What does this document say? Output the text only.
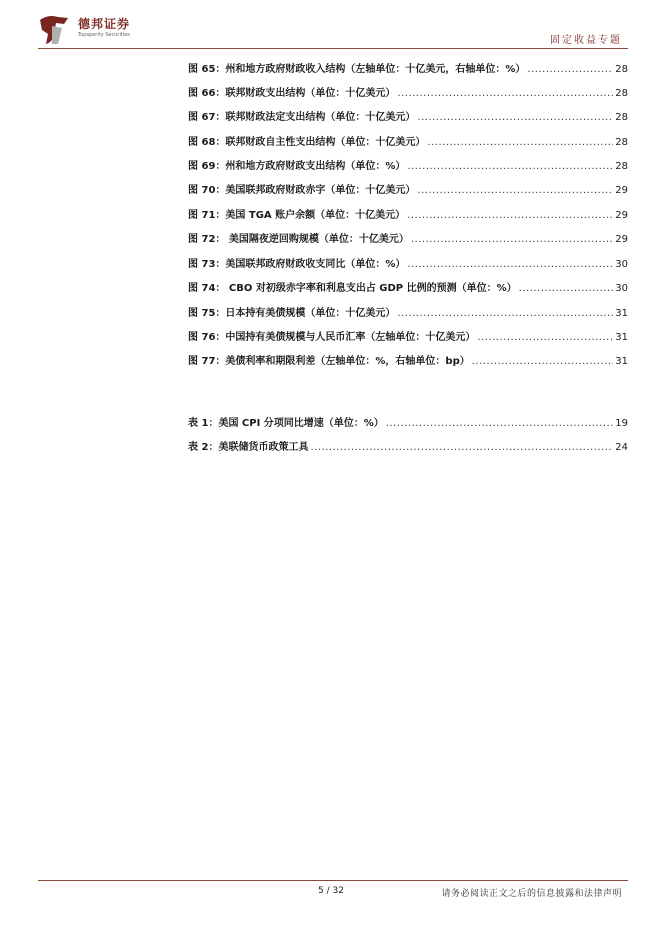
德邦证券
Topsperity Securities	固定收益专题
图 65：州和地方政府财政收入结构（左轴单位：十亿美元，右轴单位：%） .....	28
图 66：联邦财政支出结构（单位：十亿美元） .....	28
图 67：联邦财政法定支出结构（单位：十亿美元） .....	28
图 68：联邦财政自主性支出结构（单位：十亿美元） .....	28
图 69：州和地方政府财政支出结构（单位：%） .....	28
图 70：美国联邦政府财政赤字（单位：十亿美元） .....	29
图 71：美国 TGA 账户余额（单位：十亿美元） .....	29
图 72： 美国隔夜逆回购规模（单位：十亿美元） .....	29
图 73：美国联邦政府财政收支同比（单位：%） .....	30
图 74： CBO 对初级赤字率和利息支出占 GDP 比例的预测（单位：%） .....	30
图 75：日本持有美债规模（单位：十亿美元） .....	31
图 76：中国持有美债规模与人民币汇率（左轴单位：十亿美元） .....	31
图 77：美债利率和期限利差（左轴单位：%，右轴单位：bp） .....	31
表 1：美国 CPI 分项同比增速（单位：%） .....	19
表 2：美联储货币政策工具 .....	24
5 / 32	请务必阅读正文之后的信息披露和法律声明
